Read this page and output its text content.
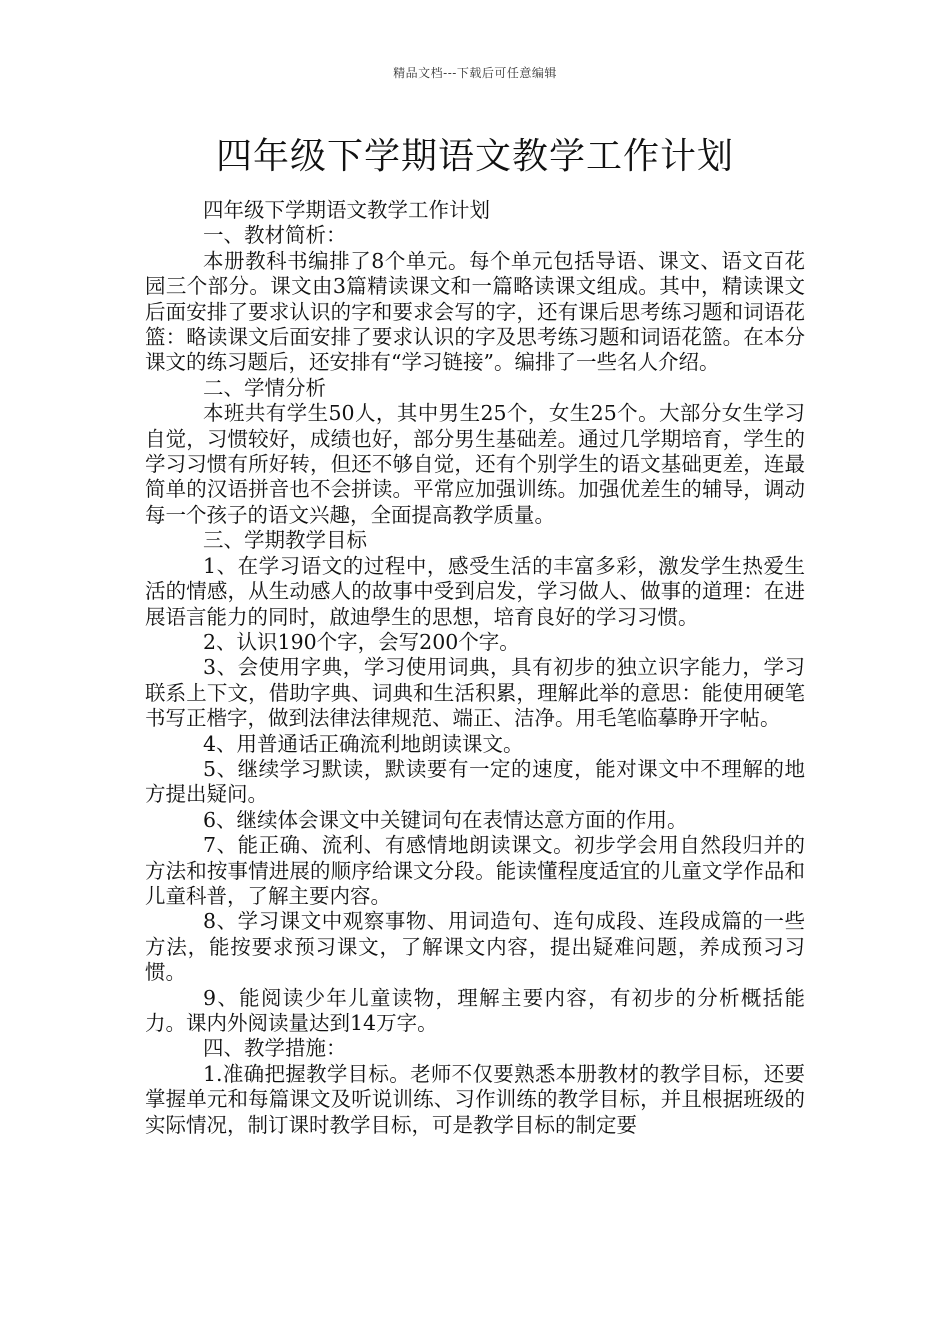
精品文档---下载后可任意编辑
四年级下学期语文教学工作计划

四年级下学期语文教学工作计划

一、教材简析：

本册教科书编排了8个单元。每个单元包括导语、课文、语文百花园三个部分。课文由3篇精读课文和一篇略读课文组成。其中，精读课文后面安排了要求认识的字和要求会写的字，还有课后思考练习题和词语花篮：略读课文后面安排了要求认识的字及思考练习题和词语花篮。在本分课文的练习题后，还安排有“学习链接”。编排了一些名人介绍。

二、学情分析

本班共有学生50人，其中男生25个，女生25个。大部分女生学习自觉，习惯较好，成绩也好，部分男生基础差。通过几学期培育，学生的学习习惯有所好转，但还不够自觉，还有个别学生的语文基础更差，连最简单的汉语拼音也不会拼读。平常应加强训练。加强优差生的辅导，调动每一个孩子的语文兴趣，全面提高教学质量。

三、学期教学目标

1、在学习语文的过程中，感受生活的丰富多彩，激发学生热爱生活的情感，从生动感人的故事中受到启发，学习做人、做事的道理：在进展语言能力的同时，啟迪學生的思想，培育良好的学习习惯。

2、认识190个字，会写200个字。

3、会使用字典，学习使用词典，具有初步的独立识字能力，学习联系上下文，借助字典、词典和生活积累，理解此举的意思：能使用硬笔书写正楷字，做到法律法律规范、端正、洁净。用毛笔临摹睁开字帖。

4、用普通话正确流利地朗读课文。

5、继续学习默读，默读要有一定的速度，能对课文中不理解的地方提出疑问。

6、继续体会课文中关键词句在表情达意方面的作用。

7、能正确、流利、有感情地朗读课文。初步学会用自然段归并的方法和按事情进展的顺序给课文分段。能读懂程度适宜的儿童文学作品和儿童科普，了解主要内容。

8、学习课文中观察事物、用词造句、连句成段、连段成篇的一些方法，能按要求预习课文，了解课文内容，提出疑难问题，养成预习习惯。

9、能阅读少年儿童读物，理解主要内容，有初步的分析概括能力。课内外阅读量达到14万字。

四、教学措施：

1.准确把握教学目标。老师不仅要熟悉本册教材的教学目标，还要掌握单元和每篇课文及听说训练、习作训练的教学目标，并且根据班级的实际情况，制订课时教学目标，可是教学目标的制定要
